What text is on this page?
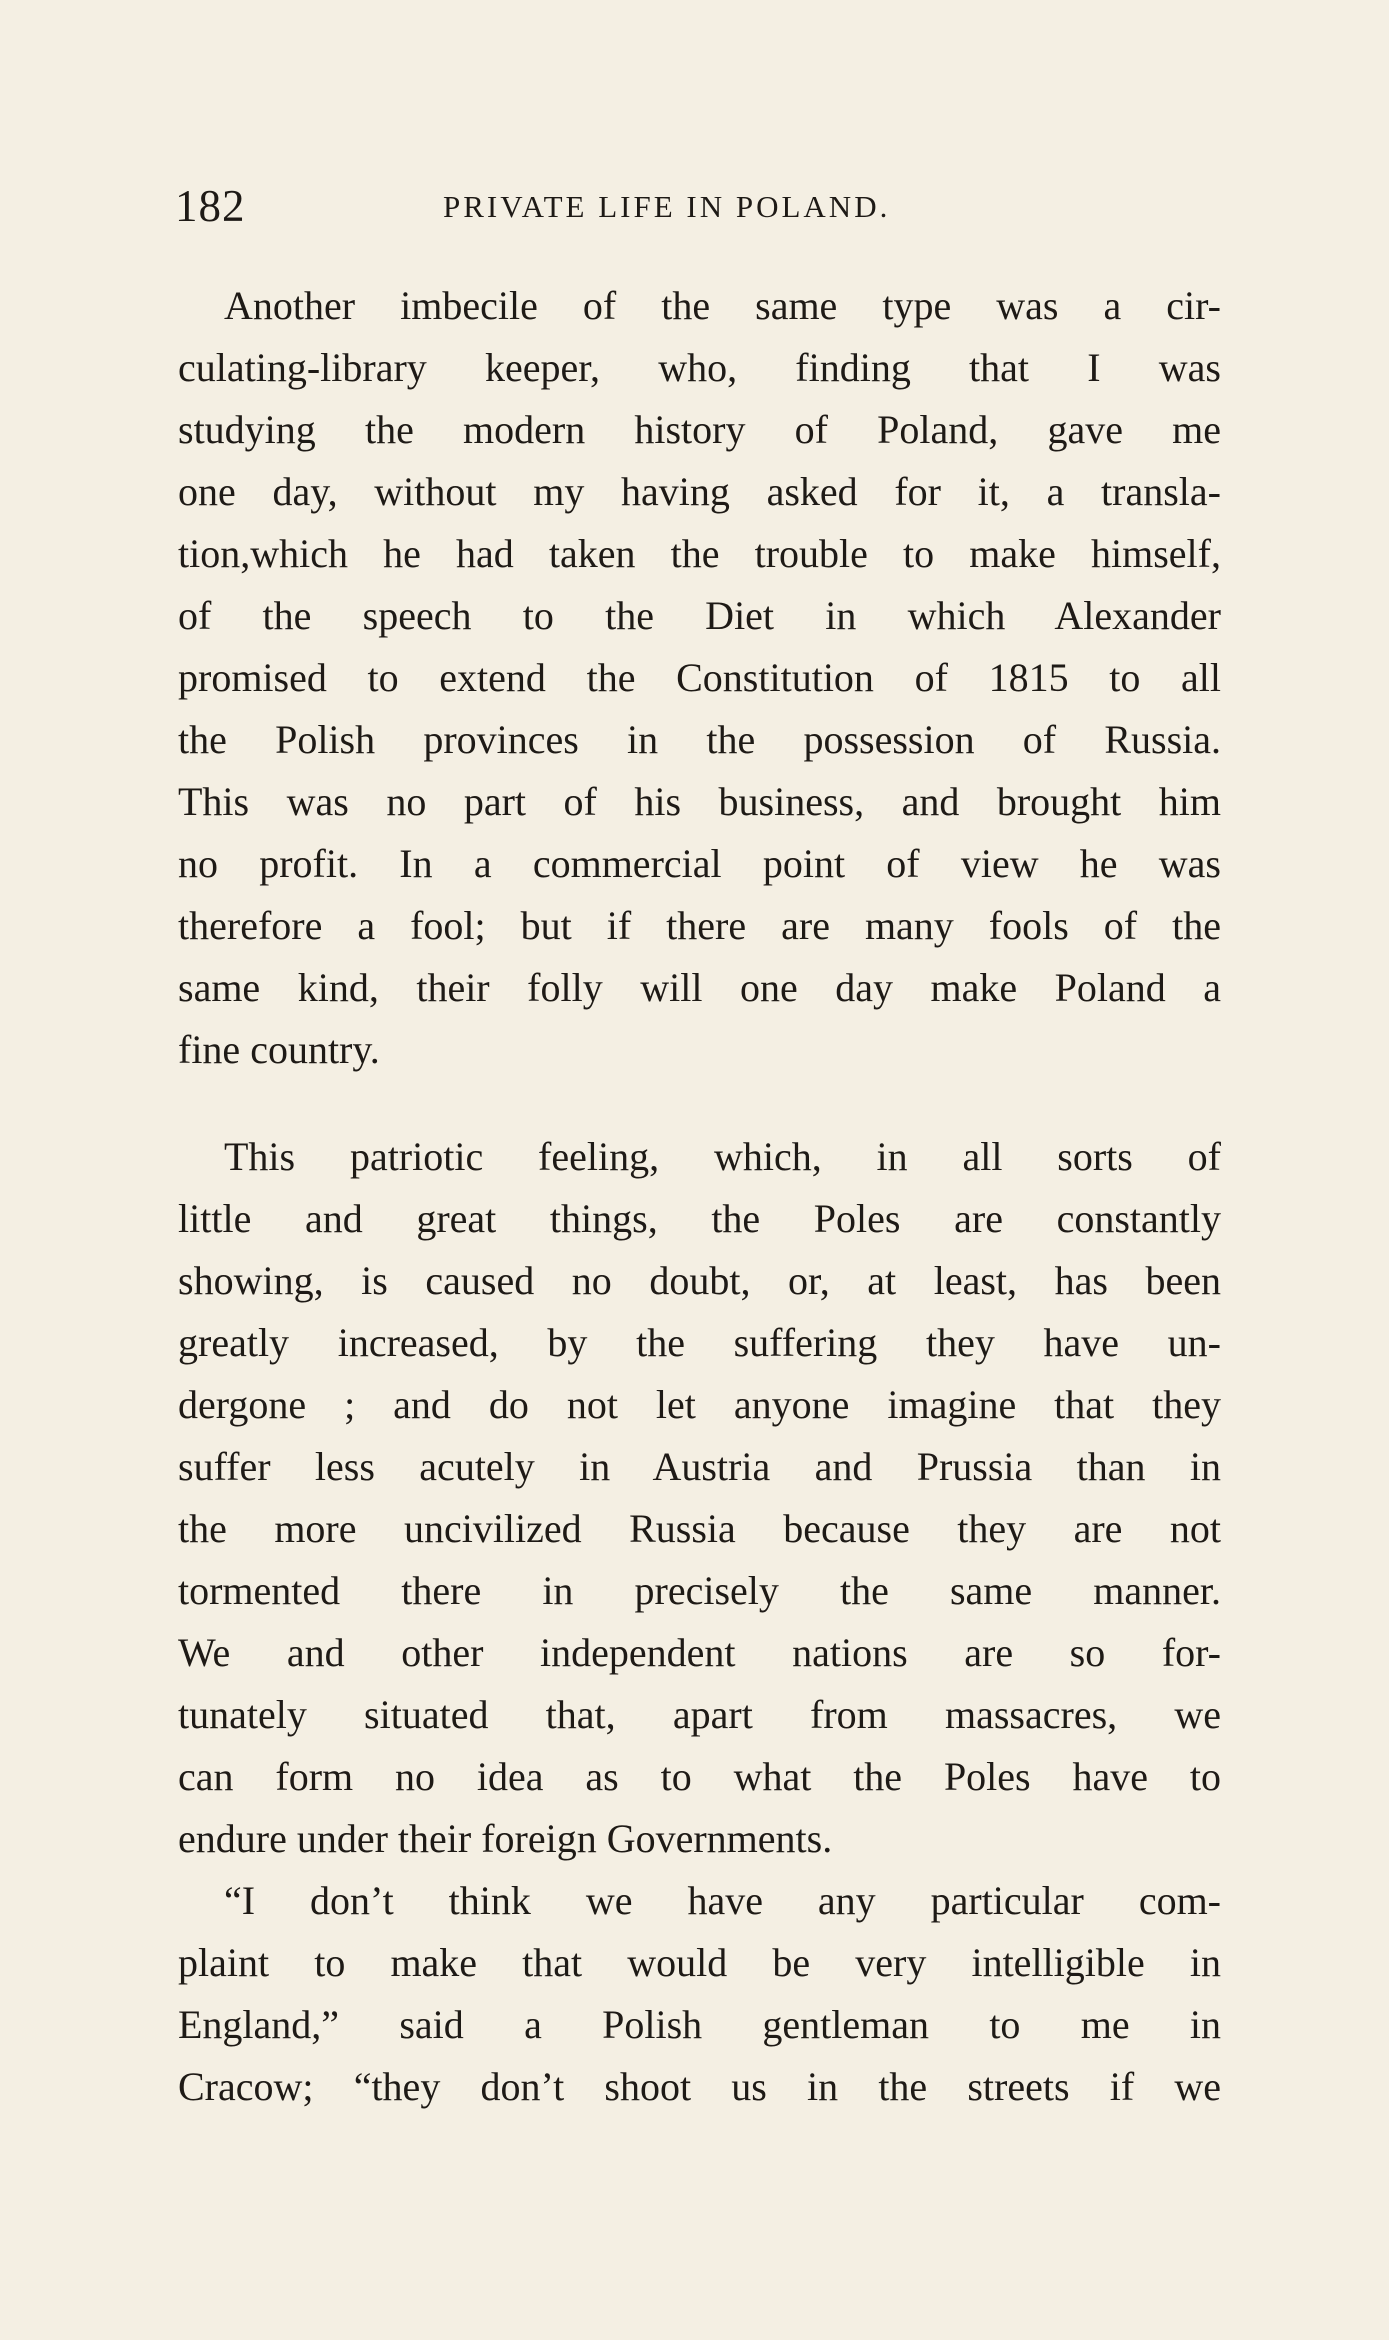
182	PRIVATE LIFE IN POLAND.
Another imbecile of the same type was a cir-
culating-library keeper, who, finding that I was
studying the modern history of Poland, gave me
one day, without my having asked for it, a transla-
tion,which he had taken the trouble to make himself,
of the speech to the Diet in which Alexander
promised to extend the Constitution of 1815 to all
the Polish provinces in the possession of Russia.
This was no part of his business, and brought him
no profit. In a commercial point of view he was
therefore a fool; but if there are many fools of the
same kind, their folly will one day make Poland a
fine country.
This patriotic feeling, which, in all sorts of
little and great things, the Poles are constantly
showing, is caused no doubt, or, at least, has been
greatly increased, by the suffering they have un-
dergone ; and do not let anyone imagine that they
suffer less acutely in Austria and Prussia than in
the more uncivilized Russia because they are not
tormented there in precisely the same manner.
We and other independent nations are so for-
tunately situated that, apart from massacres, we
can form no idea as to what the Poles have to
endure under their foreign Governments.
“I don’t think we have any particular com-
plaint to make that would be very intelligible in
England,” said a Polish gentleman to me in
Cracow; “they don’t shoot us in the streets if we
